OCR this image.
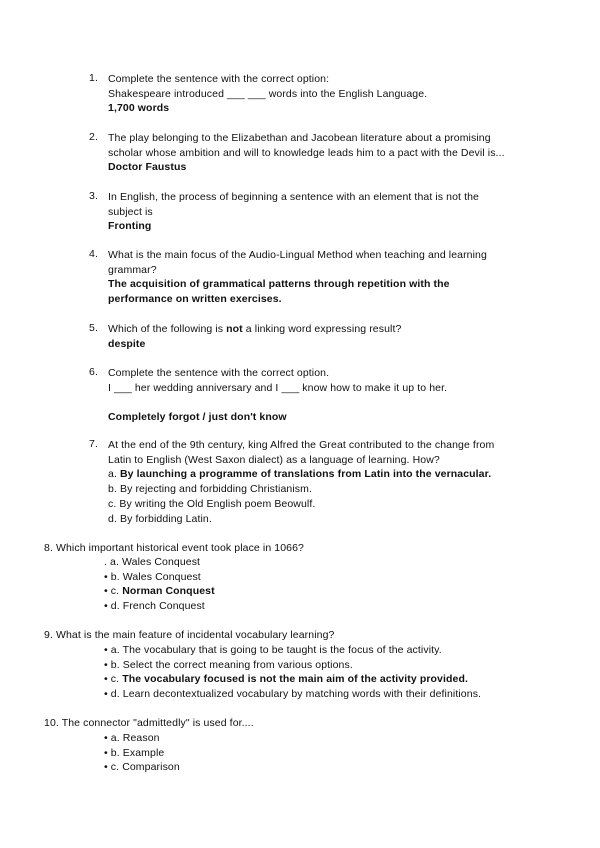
1. Complete the sentence with the correct option:
Shakespeare introduced ___ ___ words into the English Language.
1,700 words
2. The play belonging to the Elizabethan and Jacobean literature about a promising
scholar whose ambition and will to knowledge leads him to a pact with the Devil is...
Doctor Faustus
3. In English, the process of beginning a sentence with an element that is not the
subject is
Fronting
4. What is the main focus of the Audio-Lingual Method when teaching and learning
grammar?
The acquisition of grammatical patterns through repetition with the
performance on written exercises.
5. Which of the following is not a linking word expressing result?
despite
6. Complete the sentence with the correct option.
I ___ her wedding anniversary and I ___ know how to make it up to her.
Completely forgot / just don't know
7. At the end of the 9th century, king Alfred the Great contributed to the change from
Latin to English (West Saxon dialect) as a language of learning. How?
a. By launching a programme of translations from Latin into the vernacular.
b. By rejecting and forbidding Christianism.
c. By writing the Old English poem Beowulf.
d. By forbidding Latin.
8. Which important historical event took place in 1066?
. a. Wales Conquest
• b. Wales Conquest
• c. Norman Conquest
• d. French Conquest
9. What is the main feature of incidental vocabulary learning?
• a. The vocabulary that is going to be taught is the focus of the activity.
• b. Select the correct meaning from various options.
• c. The vocabulary focused is not the main aim of the activity provided.
• d. Learn decontextualized vocabulary by matching words with their definitions.
10. The connector "admittedly" is used for....
• a. Reason
• b. Example
• c. Comparison
